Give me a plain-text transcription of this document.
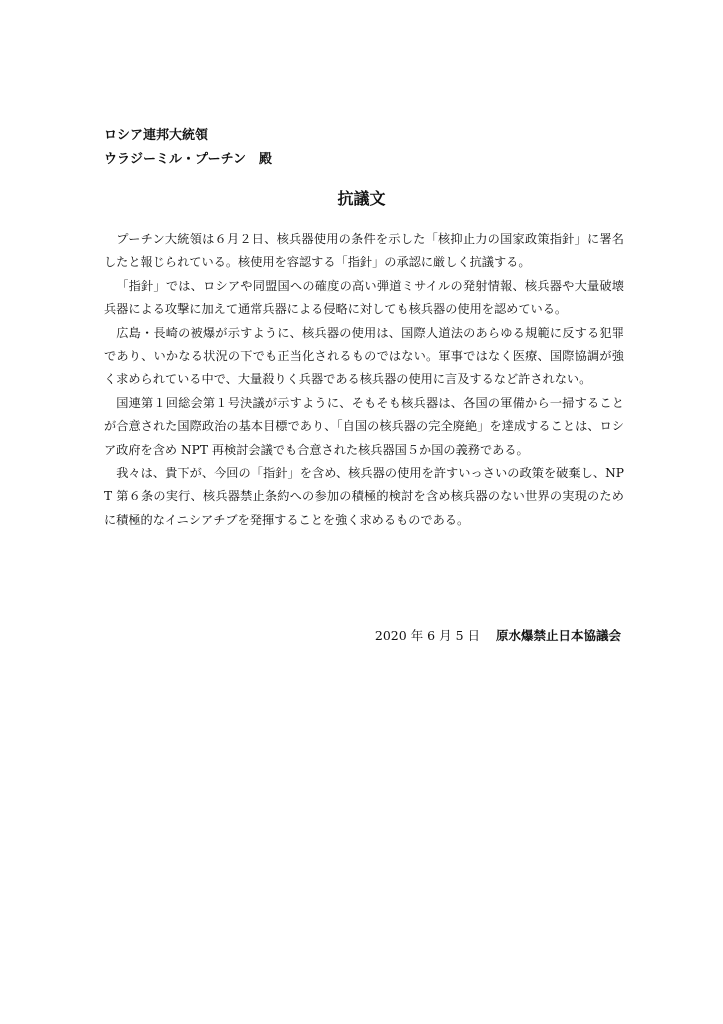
ロシア連邦大統領
ウラジーミル・プーチン　殿
抗議文

プーチン大統領は６月２日、核兵器使用の条件を示した「核抑止力の国家政策指針」に署名したと報じられている。核使用を容認する「指針」の承認に厳しく抗議する。

「指針」では、ロシアや同盟国への確度の高い弾道ミサイルの発射情報、核兵器や大量破壊兵器による攻撃に加えて通常兵器による侵略に対しても核兵器の使用を認めている。

広島・長崎の被爆が示すように、核兵器の使用は、国際人道法のあらゆる規範に反する犯罪であり、いかなる状況の下でも正当化されるものではない。軍事ではなく医療、国際協調が強く求められている中で、大量殺りく兵器である核兵器の使用に言及するなど許されない。

国連第１回総会第１号決議が示すように、そもそも核兵器は、各国の軍備から一掃することが合意された国際政治の基本目標であり、「自国の核兵器の完全廃絶」を達成することは、ロシア政府を含め NPT 再検討会議でも合意された核兵器国５か国の義務である。

我々は、貴下が、今回の「指針」を含め、核兵器の使用を許すいっさいの政策を破棄し、NPT 第６条の実行、核兵器禁止条約への参加の積極的検討を含め核兵器のない世界の実現のために積極的なイニシアチブを発揮することを強く求めるものである。

2020 年 6 月 5 日 原水爆禁止日本協議会
